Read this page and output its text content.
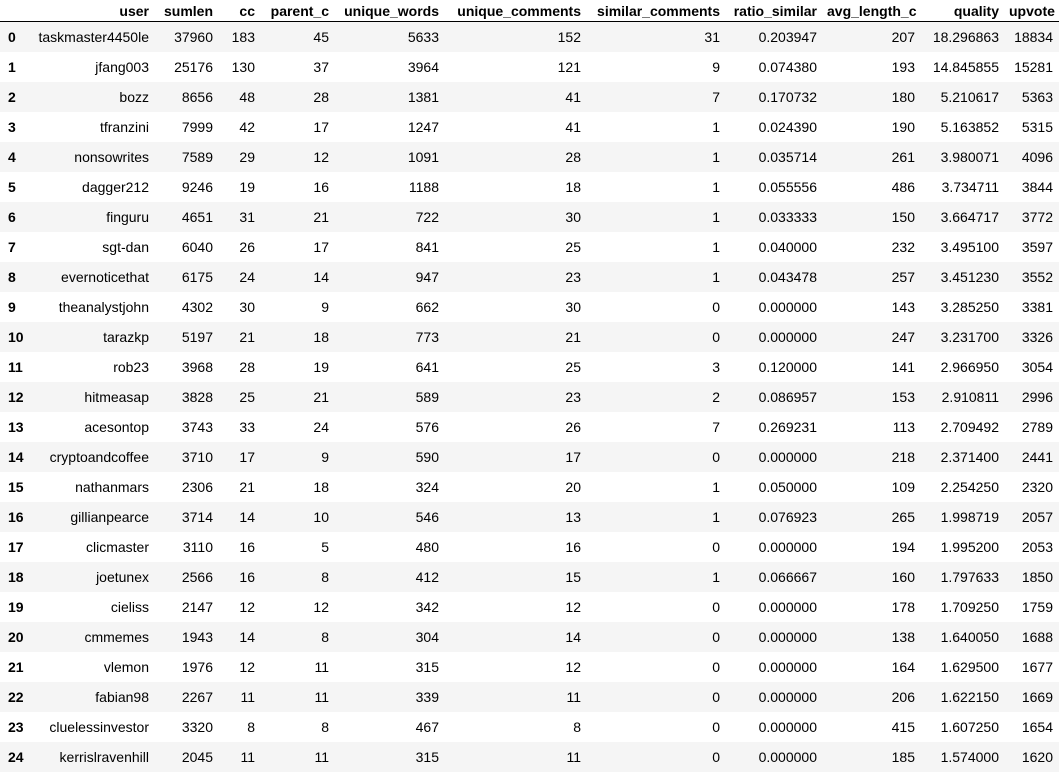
	user	sumlen	cc	parent_c	unique_words	unique_comments	similar_comments	ratio_similar	avg_length_c	quality	upvote
0	taskmaster4450le	37960	183	45	5633	152	31	0.203947	207	18.296863	18834
1	jfang003	25176	130	37	3964	121	9	0.074380	193	14.845855	15281
2	bozz	8656	48	28	1381	41	7	0.170732	180	5.210617	5363
3	tfranzini	7999	42	17	1247	41	1	0.024390	190	5.163852	5315
4	nonsowrites	7589	29	12	1091	28	1	0.035714	261	3.980071	4096
5	dagger212	9246	19	16	1188	18	1	0.055556	486	3.734711	3844
6	finguru	4651	31	21	722	30	1	0.033333	150	3.664717	3772
7	sgt-dan	6040	26	17	841	25	1	0.040000	232	3.495100	3597
8	evernoticethat	6175	24	14	947	23	1	0.043478	257	3.451230	3552
9	theanalystjohn	4302	30	9	662	30	0	0.000000	143	3.285250	3381
10	tarazkp	5197	21	18	773	21	0	0.000000	247	3.231700	3326
11	rob23	3968	28	19	641	25	3	0.120000	141	2.966950	3054
12	hitmeasap	3828	25	21	589	23	2	0.086957	153	2.910811	2996
13	acesontop	3743	33	24	576	26	7	0.269231	113	2.709492	2789
14	cryptoandcoffee	3710	17	9	590	17	0	0.000000	218	2.371400	2441
15	nathanmars	2306	21	18	324	20	1	0.050000	109	2.254250	2320
16	gillianpearce	3714	14	10	546	13	1	0.076923	265	1.998719	2057
17	clicmaster	3110	16	5	480	16	0	0.000000	194	1.995200	2053
18	joetunex	2566	16	8	412	15	1	0.066667	160	1.797633	1850
19	cieliss	2147	12	12	342	12	0	0.000000	178	1.709250	1759
20	cmmemes	1943	14	8	304	14	0	0.000000	138	1.640050	1688
21	vlemon	1976	12	11	315	12	0	0.000000	164	1.629500	1677
22	fabian98	2267	11	11	339	11	0	0.000000	206	1.622150	1669
23	cluelessinvestor	3320	8	8	467	8	0	0.000000	415	1.607250	1654
24	kerrislravenhill	2045	11	11	315	11	0	0.000000	185	1.574000	1620
